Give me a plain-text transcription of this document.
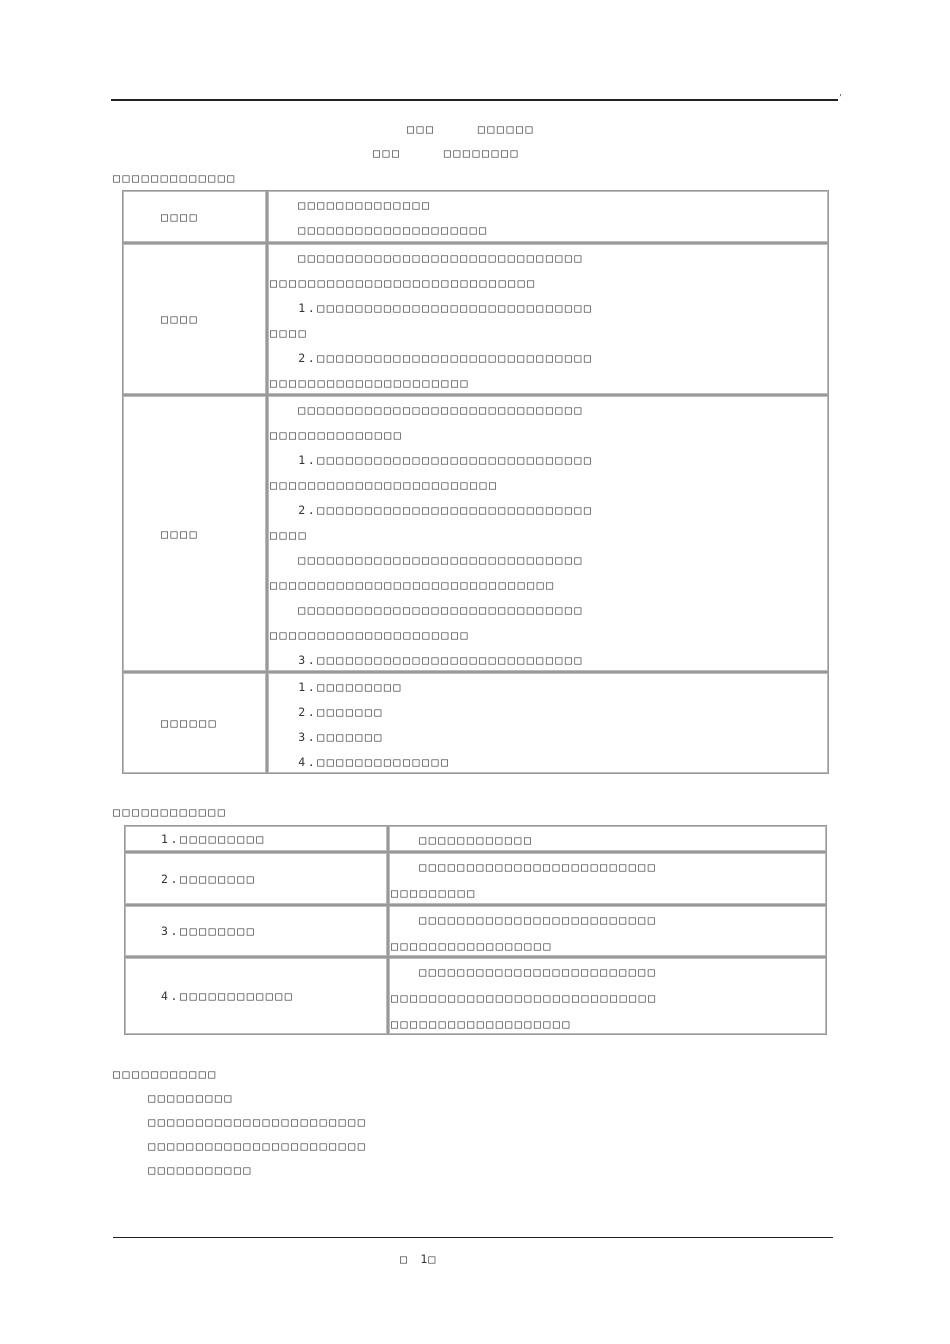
'
□□□　　　□□□□□□
□□□　　　□□□□□□□□
□□□□□□□□□□□□□
□□□□
　　□□□□□□□□□□□□□□
　　□□□□□□□□□□□□□□□□□□□□
□□□□
　　□□□□□□□□□□□□□□□□□□□□□□□□□□□□□□
□□□□□□□□□□□□□□□□□□□□□□□□□□□□
　　1.□□□□□□□□□□□□□□□□□□□□□□□□□□□□□
□□□□
　　2.□□□□□□□□□□□□□□□□□□□□□□□□□□□□□
□□□□□□□□□□□□□□□□□□□□□
□□□□
　　□□□□□□□□□□□□□□□□□□□□□□□□□□□□□□
□□□□□□□□□□□□□□
　　1.□□□□□□□□□□□□□□□□□□□□□□□□□□□□□
□□□□□□□□□□□□□□□□□□□□□□□□
　　2.□□□□□□□□□□□□□□□□□□□□□□□□□□□□□
□□□□
　　□□□□□□□□□□□□□□□□□□□□□□□□□□□□□□
□□□□□□□□□□□□□□□□□□□□□□□□□□□□□□
　　□□□□□□□□□□□□□□□□□□□□□□□□□□□□□□
□□□□□□□□□□□□□□□□□□□□□
　　3.□□□□□□□□□□□□□□□□□□□□□□□□□□□□
□□□□□□
　　1.□□□□□□□□□
　　2.□□□□□□□
　　3.□□□□□□□
　　4.□□□□□□□□□□□□□□
□□□□□□□□□□□□
1.□□□□□□□□□	　　□□□□□□□□□□□□
2.□□□□□□□□
　　□□□□□□□□□□□□□□□□□□□□□□□□□
□□□□□□□□□
3.□□□□□□□□
　　□□□□□□□□□□□□□□□□□□□□□□□□□
□□□□□□□□□□□□□□□□□
4.□□□□□□□□□□□□
　　□□□□□□□□□□□□□□□□□□□□□□□□□
□□□□□□□□□□□□□□□□□□□□□□□□□□□□
□□□□□□□□□□□□□□□□□□□
□□□□□□□□□□□
　　□□□□□□□□□
　　□□□□□□□□□□□□□□□□□□□□□□□
　　□□□□□□□□□□□□□□□□□□□□□□□
　　□□□□□□□□□□□
□　1□
